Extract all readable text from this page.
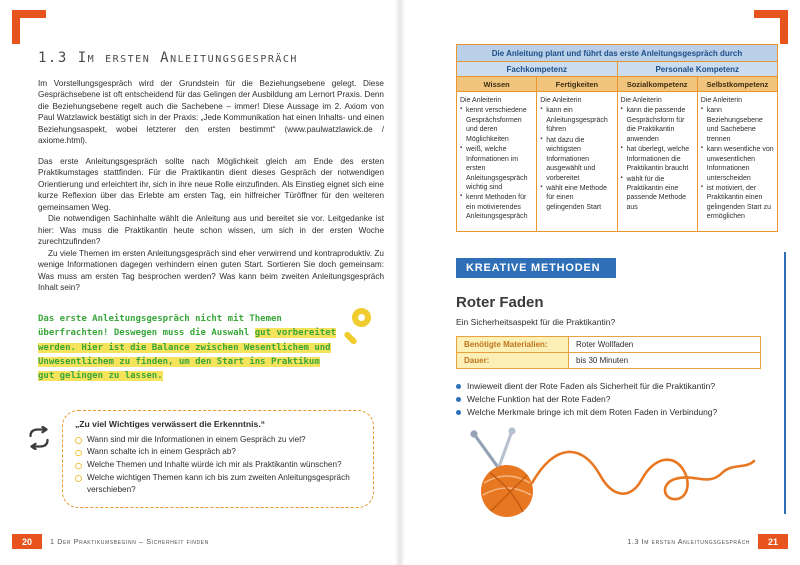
1.3 Im ersten Anleitungsgespräch

Im Vorstellungsgespräch wird der Grundstein für die Beziehungsebene gelegt. Diese Gesprächsebene ist oft entscheidend für das Gelingen der Ausbildung am Lernort Praxis. Denn die Beziehungsebene regelt auch die Sachebene – immer! Diese Aussage im 2. Axiom von Paul Watzlawick bestätigt sich in der Praxis: „Jede Kommunikation hat einen Inhalts- und einen Beziehungsaspekt, wobei letzterer den ersten bestimmt“ (www.paulwatzlawick.de / axiome.html).

Das erste Anleitungsgespräch sollte nach Möglichkeit gleich am Ende des ersten Praktikumstages stattfinden. Für die Praktikantin dient dieses Gespräch der notwendigen Orientierung und erleichtert ihr, sich in ihre neue Rolle einzufinden. Als Einstieg eignet sich eine kurze Reflexion über das Erlebte am ersten Tag, ein hilfreicher Türöffner für den weiteren gemeinsamen Weg.

Die notwendigen Sachinhalte wählt die Anleitung aus und bereitet sie vor. Leitgedanke ist hier: Was muss die Praktikantin heute schon wissen, um sich in der ersten Woche zurechtzufinden?

Zu viele Themen im ersten Anleitungsgespräch sind eher verwirrend und kontraproduktiv. Zu wenige Informationen dagegen verhindern einen guten Start. Sortieren Sie doch gemeinsam: Was muss am ersten Tag besprochen werden? Was kann beim zweiten Anleitungsgespräch Inhalt sein?

Das erste Anleitungsgespräch nicht mit Themen überfrachten! Deswegen muss die Auswahl gut vorbereitet werden. Hier ist die Balance zwischen Wesentlichem und Unwesentlichem zu finden, um den Start ins Praktikum gut gelingen zu lassen.
„Zu viel Wichtiges verwässert die Erkenntnis.“
Wann sind mir die Informationen in einem Gespräch zu viel?
Wann schalte ich in einem Gespräch ab?
Welche Themen und Inhalte würde ich mir als Praktikantin wünschen?
Welche wichtigen Themen kann ich bis zum zweiten Anleitungsgespräch verschieben?
20	1 Der Praktikumsbeginn – Sicherheit finden
Die Anleitung plant und führt das erste Anleitungsgespräch durch			
Fachkompetenz		Personale Kompetenz	
Wissen	Fertigkeiten	Sozialkompetenz	Selbstkompetenz

Die Anleiterin
▪ kennt verschiedene Gesprächsformen und deren Möglichkeiten
▪ weiß, welche Informationen im ersten Anleitungsgespräch wichtig sind
▪ kennt Methoden für ein motivierendes Anleitungsgespräch

Die Anleiterin
▪ kann ein Anleitungsgespräch führen
▪ hat dazu die wichtigsten Informationen ausgewählt und vorbereitet
▪ wählt eine Methode für einen gelingenden Start

Die Anleiterin
▪ kann die passende Gesprächsform für die Praktikantin anwenden
▪ hat überlegt, welche Informationen die Praktikantin braucht
▪ wählt für die Praktikantin eine passende Methode aus

Die Anleiterin
▪ kann Beziehungsebene und Sachebene trennen
▪ kann wesentliche von unwesentlichen Informationen unterscheiden
▪ ist motiviert, der Praktikantin einen gelingenden Start zu ermöglichen
KREATIVE METHODEN
Roter Faden

Ein Sicherheitsaspekt für die Praktikantin?

Benötigte Materialien:	Roter Wollfaden
Dauer:	bis 30 Minuten
Inwieweit dient der Rote Faden als Sicherheit für die Praktikantin?
Welche Funktion hat der Rote Faden?
Welche Merkmale bringe ich mit dem Roten Faden in Verbindung?
1.3 Im ersten Anleitungsgespräch	21
